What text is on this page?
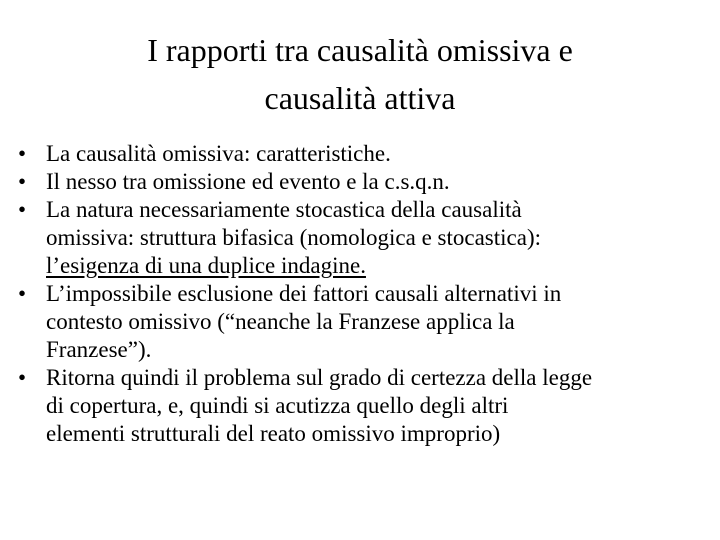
I rapporti tra causalità omissiva e
causalità attiva
• La causalità omissiva: caratteristiche.
• Il nesso tra omissione ed evento e la c.s.q.n.
• La natura necessariamente stocastica della causalità
omissiva: struttura bifasica (nomologica e stocastica):
l’esigenza di una duplice indagine.
• L’impossibile esclusione dei fattori causali alternativi in
contesto omissivo (“neanche la Franzese applica la
Franzese”).
• Ritorna quindi il problema sul grado di certezza della legge
di copertura, e, quindi si acutizza quello degli altri
elementi strutturali del reato omissivo improprio)
